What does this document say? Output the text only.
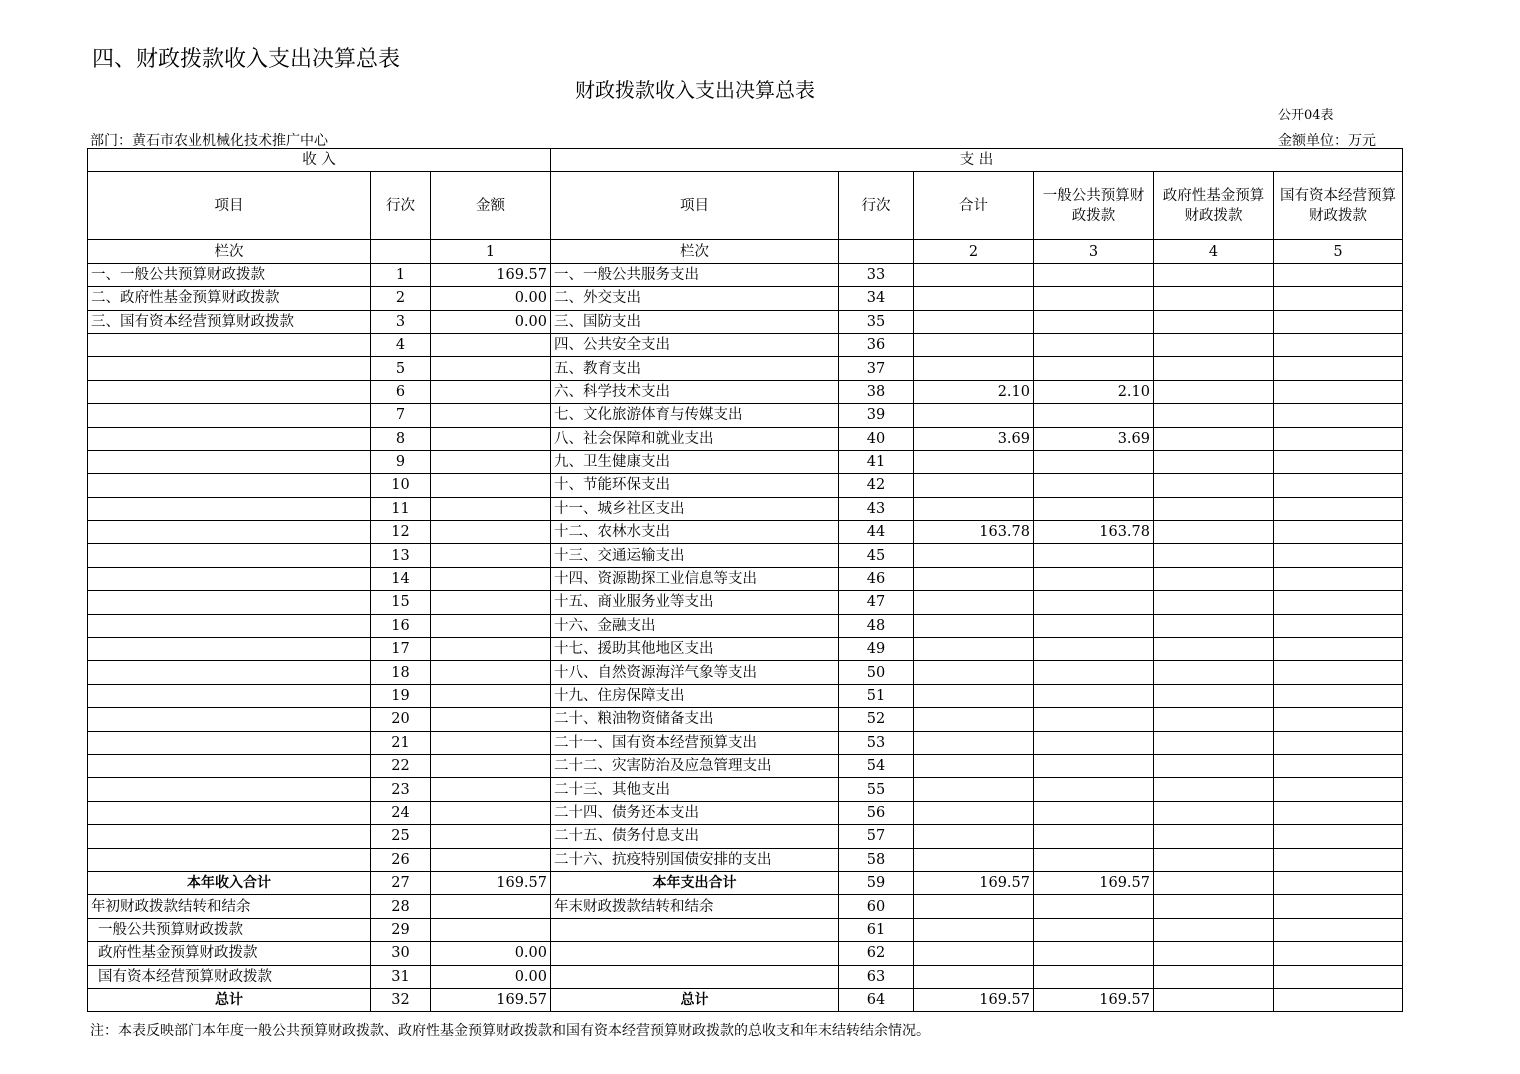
四、财政拨款收入支出决算总表
财政拨款收入支出决算总表
公开04表
部门：黄石市农业机械化技术推广中心	金额单位：万元
收 入			支 出					
项目	行次	金额	项目	行次	合计	一般公共预算财政拨款	政府性基金预算财政拨款	国有资本经营预算财政拨款
栏次		1	栏次		2	3	4	5
一、一般公共预算财政拨款	1	169.57	一、一般公共服务支出	33				
二、政府性基金预算财政拨款	2	0.00	二、外交支出	34				
三、国有资本经营预算财政拨款	3	0.00	三、国防支出	35				
	4		四、公共安全支出	36				
	5		五、教育支出	37				
	6		六、科学技术支出	38	2.10	2.10		
	7		七、文化旅游体育与传媒支出	39				
	8		八、社会保障和就业支出	40	3.69	3.69		
	9		九、卫生健康支出	41				
	10		十、节能环保支出	42				
	11		十一、城乡社区支出	43				
	12		十二、农林水支出	44	163.78	163.78		
	13		十三、交通运输支出	45				
	14		十四、资源勘探工业信息等支出	46				
	15		十五、商业服务业等支出	47				
	16		十六、金融支出	48				
	17		十七、援助其他地区支出	49				
	18		十八、自然资源海洋气象等支出	50				
	19		十九、住房保障支出	51				
	20		二十、粮油物资储备支出	52				
	21		二十一、国有资本经营预算支出	53				
	22		二十二、灾害防治及应急管理支出	54				
	23		二十三、其他支出	55				
	24		二十四、债务还本支出	56				
	25		二十五、债务付息支出	57				
	26		二十六、抗疫特别国债安排的支出	58				
本年收入合计	27	169.57	本年支出合计	59	169.57	169.57		
年初财政拨款结转和结余	28		年末财政拨款结转和结余	60				
一般公共预算财政拨款	29			61				
政府性基金预算财政拨款	30	0.00		62				
国有资本经营预算财政拨款	31	0.00		63				
总计	32	169.57	总计	64	169.57	169.57		
注：本表反映部门本年度一般公共预算财政拨款、政府性基金预算财政拨款和国有资本经营预算财政拨款的总收支和年末结转结余情况。
